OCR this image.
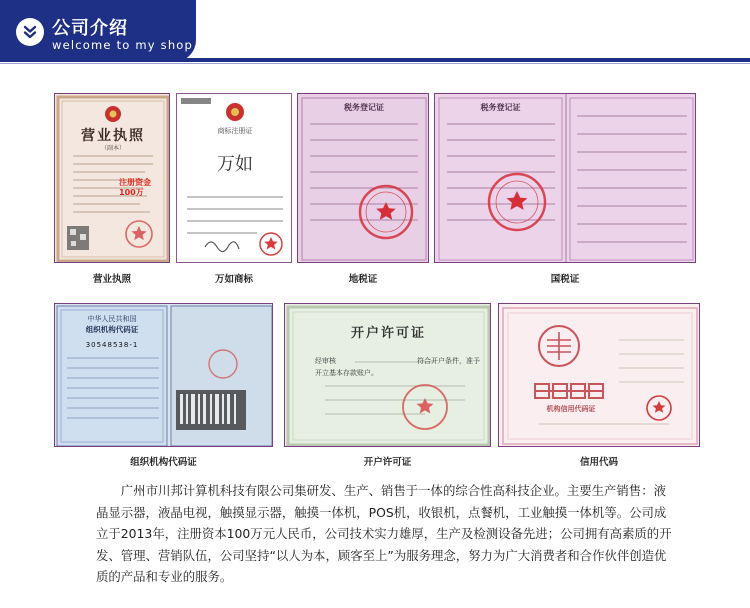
公司介绍
welcome to my shop
营业执照
（副本）
注册资金
100万
营业执照
商标注册证
万如
万如商标
税务登记证
地税证
税务登记证
国税证
中华人民共和国
组织机构代码证
30548538-1
组织机构代码证
开户许可证
经审核	符合开户条件，准予
开立基本存款账户。
开户许可证
机构信用代码证
信用代码

广州市川邦计算机科技有限公司集研发、生产、销售于一体的综合性高科技企业。主要生产销售：液晶显示器，液晶电视，触摸显示器，触摸一体机，POS机，收银机，点餐机，工业触摸一体机等。公司成立于2013年，注册资本100万元人民币，公司技术实力雄厚，生产及检测设备先进；公司拥有高素质的开发、管理、营销队伍，公司坚持“以人为本，顾客至上”为服务理念，努力为广大消费者和合作伙伴创造优质的产品和专业的服务。
